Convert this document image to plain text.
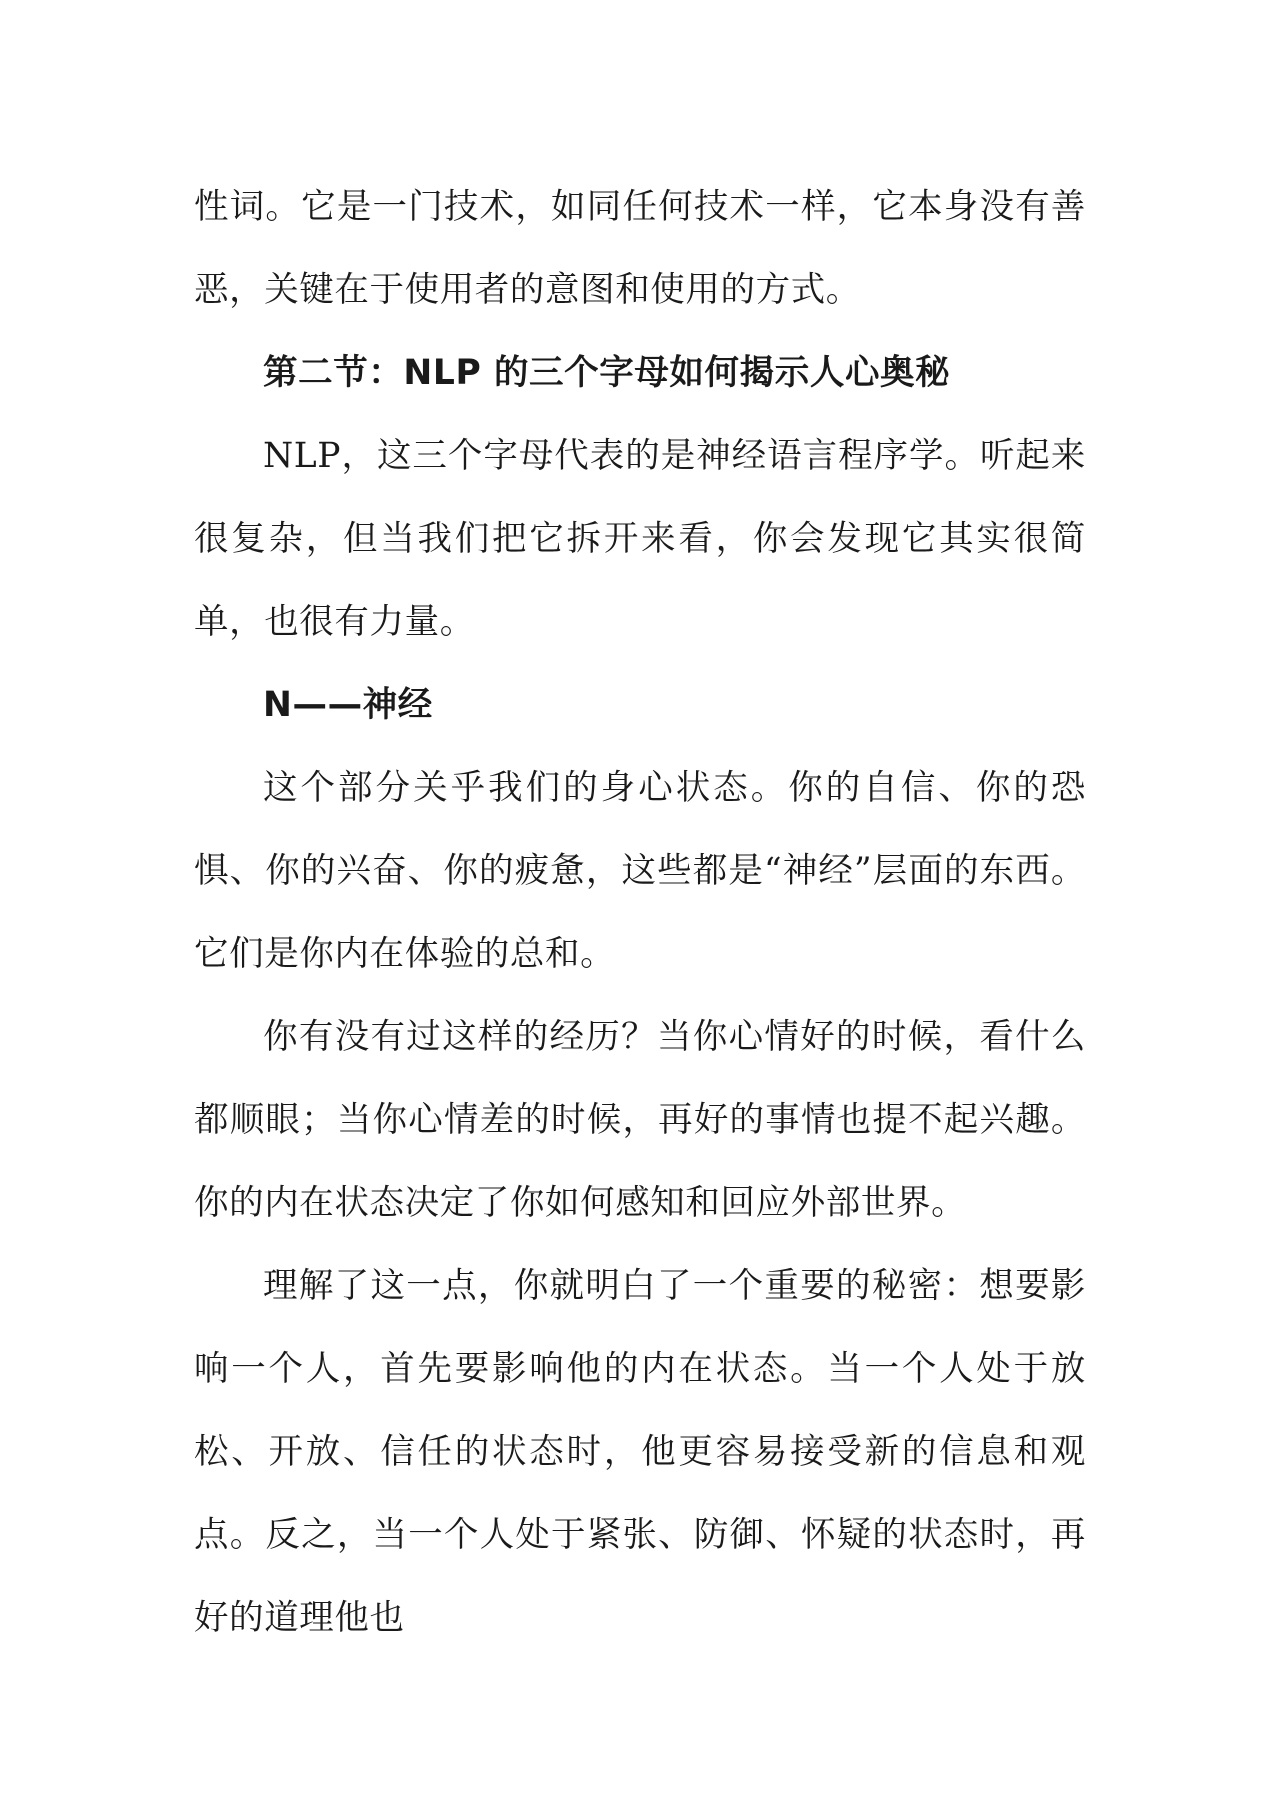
性词。它是一门技术，如同任何技术一样，它本身没有善恶，关键在于使用者的意图和使用的方式。

第二节：NLP 的三个字母如何揭示人心奥秘

NLP，这三个字母代表的是神经语言程序学。听起来很复杂，但当我们把它拆开来看，你会发现它其实很简单，也很有力量。

N——神经

这个部分关乎我们的身心状态。你的自信、你的恐惧、你的兴奋、你的疲惫，这些都是“神经”层面的东西。它们是你内在体验的总和。

你有没有过这样的经历？当你心情好的时候，看什么都顺眼；当你心情差的时候，再好的事情也提不起兴趣。你的内在状态决定了你如何感知和回应外部世界。

理解了这一点，你就明白了一个重要的秘密：想要影响一个人，首先要影响他的内在状态。当一个人处于放松、开放、信任的状态时，他更容易接受新的信息和观点。反之，当一个人处于紧张、防御、怀疑的状态时，再好的道理他也
